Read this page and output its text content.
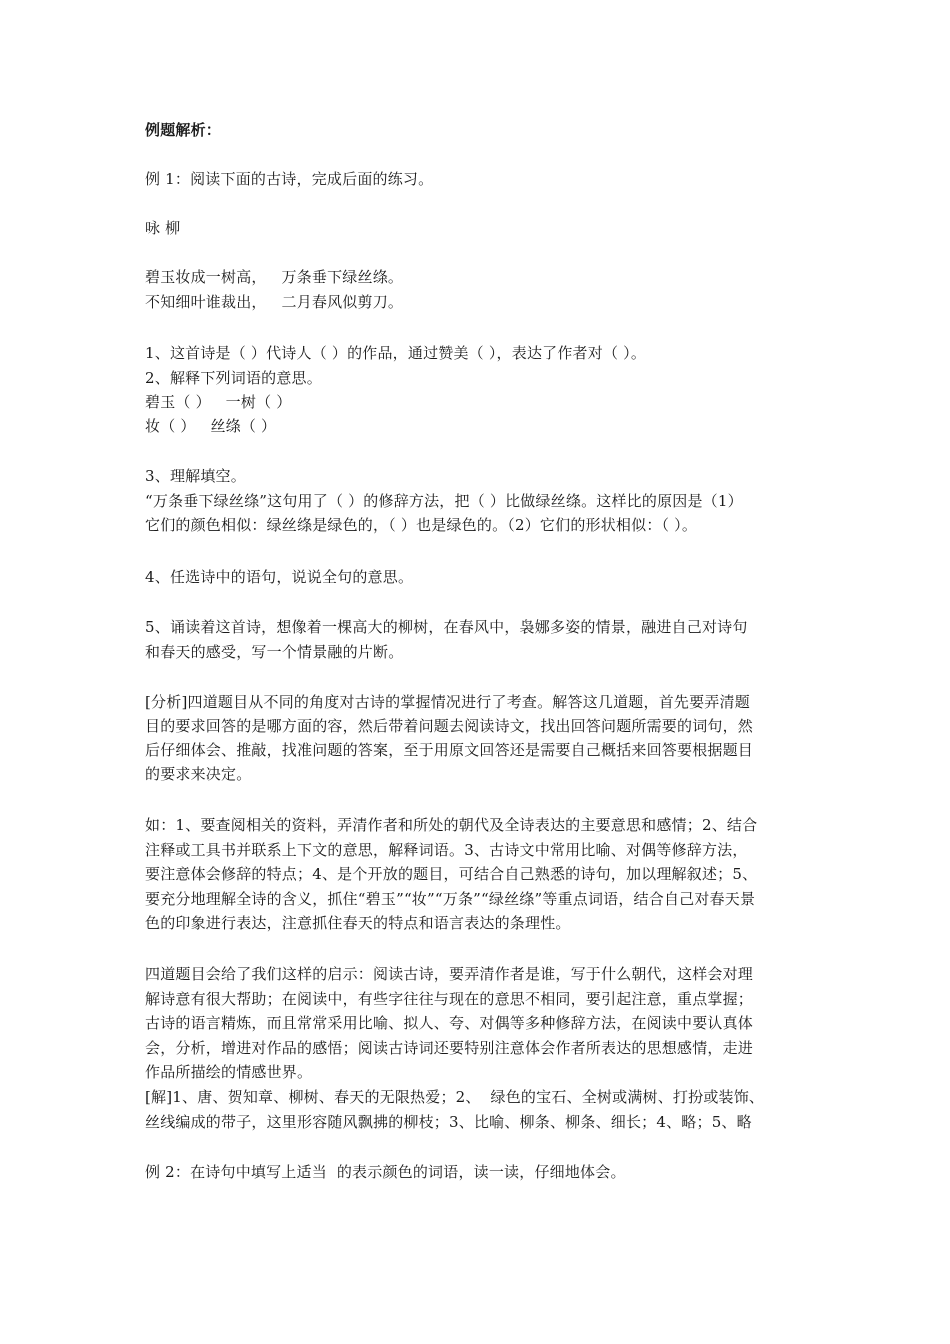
例题解析：
例 1：阅读下面的古诗，完成后面的练习。
咏 柳
碧玉妆成一树高，   万条垂下绿丝绦。
不知细叶谁裁出，   二月春风似剪刀。
1、这首诗是（ ）代诗人（ ）的作品，通过赞美（ ），表达了作者对（ ）。
2、解释下列词语的意思。
碧玉（ ）   一树（ ）
妆（ ）   丝绦（ ）
3、理解填空。
“万条垂下绿丝绦”这句用了（ ）的修辞方法，把（ ）比做绿丝绦。这样比的原因是（1）
它们的颜色相似：绿丝绦是绿色的，（ ）也是绿色的。（2）它们的形状相似：（ ）。
4、任选诗中的语句，说说全句的意思。
5、诵读着这首诗，想像着一棵高大的柳树，在春风中，袅娜多姿的情景，融进自己对诗句
和春天的感受，写一个情景融的片断。
[分析]四道题目从不同的角度对古诗的掌握情况进行了考查。解答这几道题，首先要弄清题
目的要求回答的是哪方面的容，然后带着问题去阅读诗文，找出回答问题所需要的词句，然
后仔细体会、推敲，找准问题的答案，至于用原文回答还是需要自己概括来回答要根据题目
的要求来决定。
如：1、要查阅相关的资料，弄清作者和所处的朝代及全诗表达的主要意思和感情；2、结合
注释或工具书并联系上下文的意思，解释词语。3、古诗文中常用比喻、对偶等修辞方法，
要注意体会修辞的特点；4、是个开放的题目，可结合自己熟悉的诗句，加以理解叙述；5、
要充分地理解全诗的含义，抓住“碧玉”“妆”“万条”“绿丝绦”等重点词语，结合自己对春天景
色的印象进行表达，注意抓住春天的特点和语言表达的条理性。
四道题目会给了我们这样的启示：阅读古诗，要弄清作者是谁，写于什么朝代，这样会对理
解诗意有很大帮助；在阅读中，有些字往往与现在的意思不相同，要引起注意，重点掌握；
古诗的语言精炼，而且常常采用比喻、拟人、夸、对偶等多种修辞方法，在阅读中要认真体
会，分析，增进对作品的感悟；阅读古诗词还要特别注意体会作者所表达的思想感情，走进
作品所描绘的情感世界。
[解]1、唐、贺知章、柳树、春天的无限热爱；2、  绿色的宝石、全树或满树、打扮或装饰、
丝线编成的带子，这里形容随风飘拂的柳枝；3、比喻、柳条、柳条、细长；4、略；5、略
例 2：在诗句中填写上适当  的表示颜色的词语，读一读，仔细地体会。
